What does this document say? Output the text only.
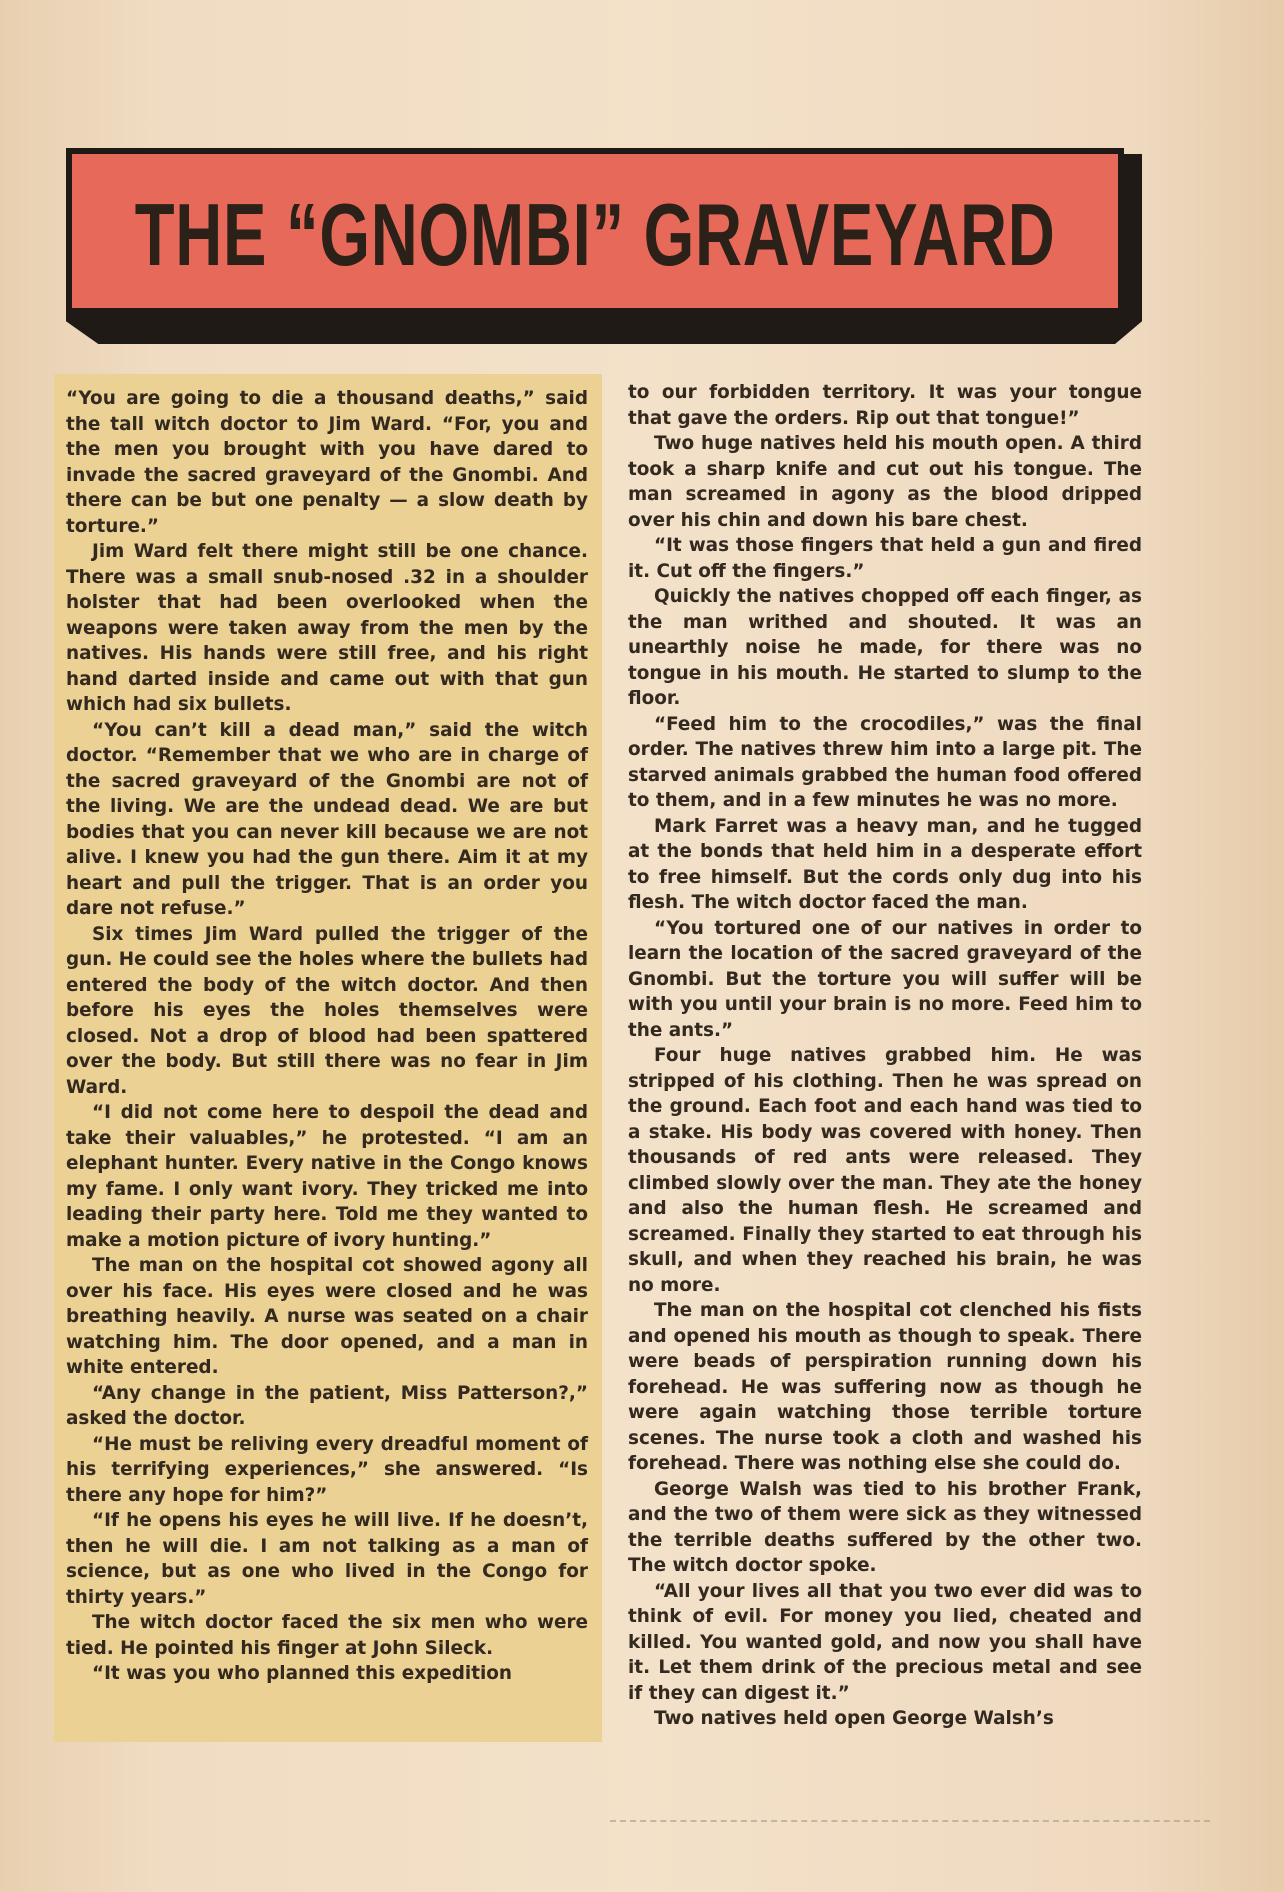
THE “GNOMBI” GRAVEYARD

“You are going to die a thousand deaths,” said the tall witch doctor to Jim Ward. “For, you and the men you brought with you have dared to invade the sacred graveyard of the Gnombi. And there can be but one penalty — a slow death by torture.”

Jim Ward felt there might still be one chance. There was a small snub-nosed .32 in a shoulder holster that had been overlooked when the weapons were taken away from the men by the natives. His hands were still free, and his right hand darted inside and came out with that gun which had six bullets.

“You can’t kill a dead man,” said the witch doctor. “Remember that we who are in charge of the sacred graveyard of the Gnombi are not of the living. We are the undead dead. We are but bodies that you can never kill because we are not alive. I knew you had the gun there. Aim it at my heart and pull the trigger. That is an order you dare not refuse.”

Six times Jim Ward pulled the trigger of the gun. He could see the holes where the bullets had entered the body of the witch doctor. And then before his eyes the holes themselves were closed. Not a drop of blood had been spattered over the body. But still there was no fear in Jim Ward.

“I did not come here to despoil the dead and take their valuables,” he protested. “I am an elephant hunter. Every native in the Congo knows my fame. I only want ivory. They tricked me into leading their party here. Told me they wanted to make a motion picture of ivory hunting.”

The man on the hospital cot showed agony all over his face. His eyes were closed and he was breathing heavily. A nurse was seated on a chair watching him. The door opened, and a man in white entered.

“Any change in the patient, Miss Patterson?,” asked the doctor.

“He must be reliving every dreadful moment of his terrifying experiences,” she answered. “Is there any hope for him?”

“If he opens his eyes he will live. If he doesn’t, then he will die. I am not talking as a man of science, but as one who lived in the Congo for thirty years.”

The witch doctor faced the six men who were tied. He pointed his finger at John Sileck.

“It was you who planned this expedition

to our forbidden territory. It was your tongue that gave the orders. Rip out that tongue!”

Two huge natives held his mouth open. A third took a sharp knife and cut out his tongue. The man screamed in agony as the blood dripped over his chin and down his bare chest.

“It was those fingers that held a gun and fired it. Cut off the fingers.”

Quickly the natives chopped off each finger, as the man writhed and shouted. It was an unearthly noise he made, for there was no tongue in his mouth. He started to slump to the floor.

“Feed him to the crocodiles,” was the final order. The natives threw him into a large pit. The starved animals grabbed the human food offered to them, and in a few minutes he was no more.

Mark Farret was a heavy man, and he tugged at the bonds that held him in a desperate effort to free himself. But the cords only dug into his flesh. The witch doctor faced the man.

“You tortured one of our natives in order to learn the location of the sacred graveyard of the Gnombi. But the torture you will suffer will be with you until your brain is no more. Feed him to the ants.”

Four huge natives grabbed him. He was stripped of his clothing. Then he was spread on the ground. Each foot and each hand was tied to a stake. His body was covered with honey. Then thousands of red ants were released. They climbed slowly over the man. They ate the honey and also the human flesh. He screamed and screamed. Finally they started to eat through his skull, and when they reached his brain, he was no more.

The man on the hospital cot clenched his fists and opened his mouth as though to speak. There were beads of perspiration running down his forehead. He was suffering now as though he were again watching those terrible torture scenes. The nurse took a cloth and washed his forehead. There was nothing else she could do.

George Walsh was tied to his brother Frank, and the two of them were sick as they witnessed the terrible deaths suffered by the other two. The witch doctor spoke.

“All your lives all that you two ever did was to think of evil. For money you lied, cheated and killed. You wanted gold, and now you shall have it. Let them drink of the precious metal and see if they can digest it.”

Two natives held open George Walsh’s
